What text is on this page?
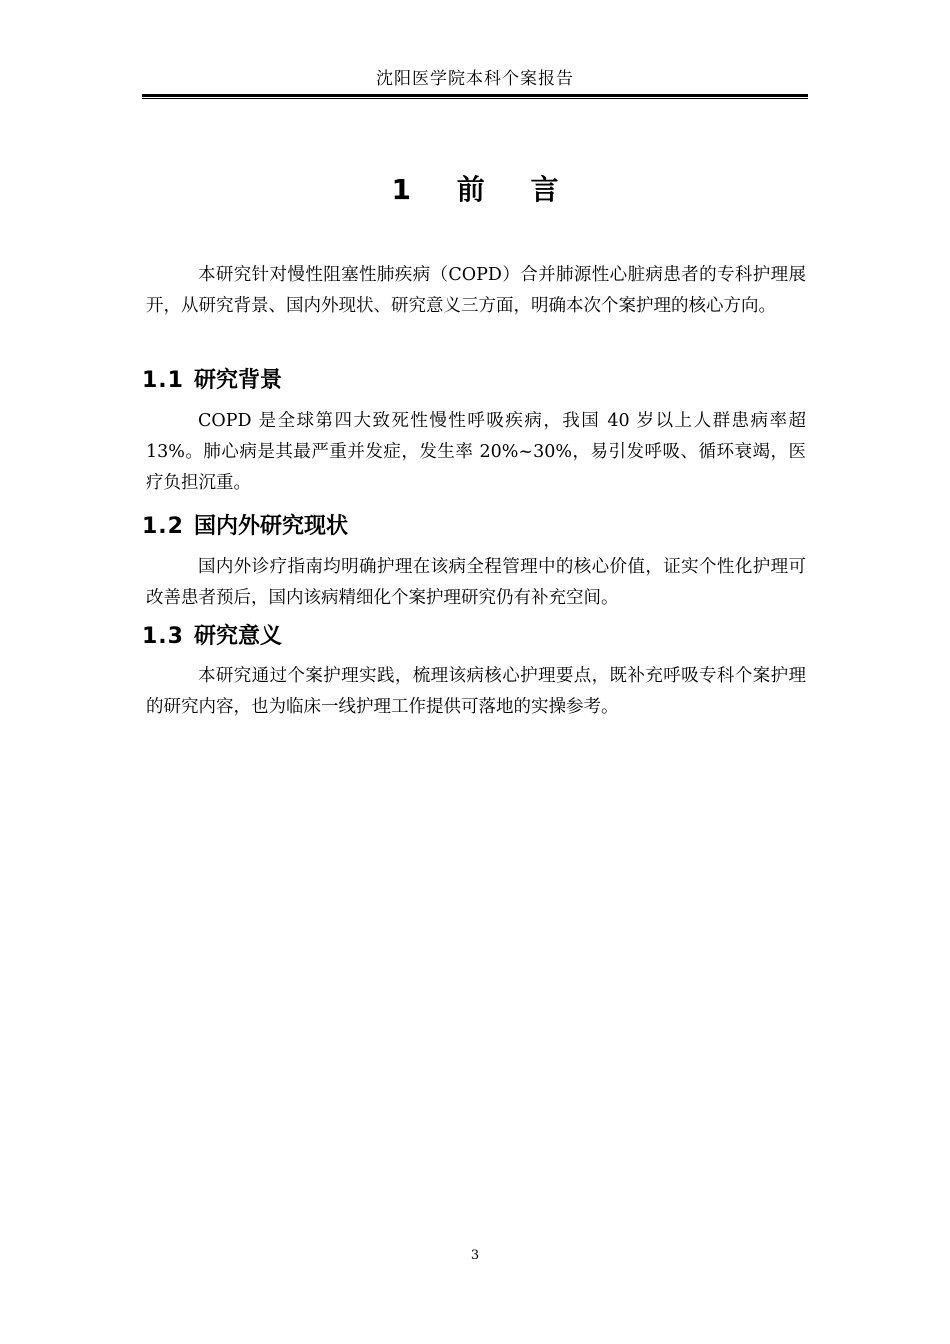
沈阳医学院本科个案报告
1 前 言

本研究针对慢性阻塞性肺疾病（COPD）合并肺源性心脏病患者的专科护理展开，从研究背景、国内外现状、研究意义三方面，明确本次个案护理的核心方向。

1.1 研究背景

COPD 是全球第四大致死性慢性呼吸疾病，我国 40 岁以上人群患病率超 13%。肺心病是其最严重并发症，发生率 20%~30%，易引发呼吸、循环衰竭，医疗负担沉重。

1.2 国内外研究现状

国内外诊疗指南均明确护理在该病全程管理中的核心价值，证实个性化护理可改善患者预后，国内该病精细化个案护理研究仍有补充空间。

1.3 研究意义

本研究通过个案护理实践，梳理该病核心护理要点，既补充呼吸专科个案护理的研究内容，也为临床一线护理工作提供可落地的实操参考。

3
